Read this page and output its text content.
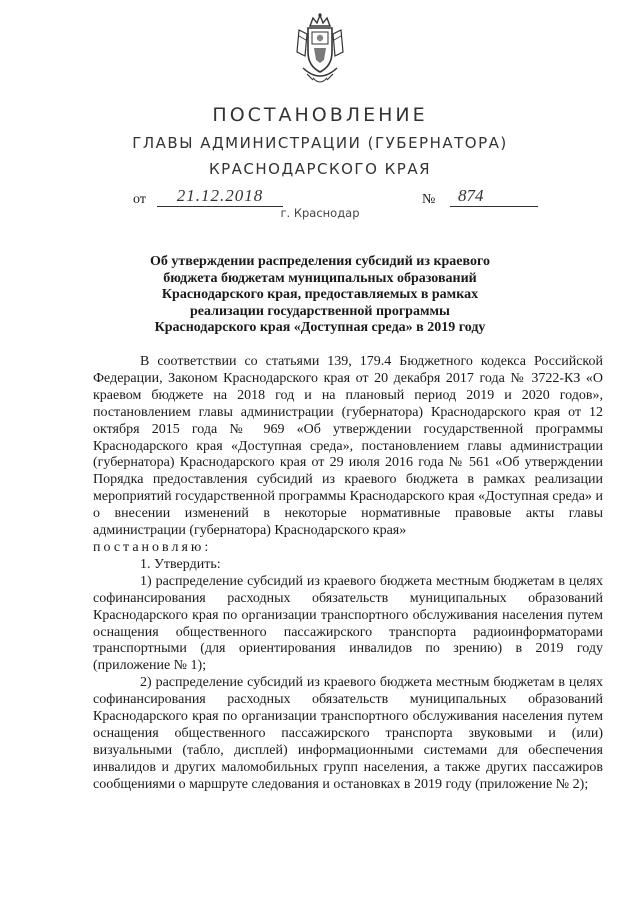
ПОСТАНОВЛЕНИЕ
ГЛАВЫ АДМИНИСТРАЦИИ (ГУБЕРНАТОРА)
КРАСНОДАРСКОГО КРАЯ
от	21.12.2018	№	874
г. Краснодар
Об утверждении распределения субсидий из краевого бюджета бюджетам муниципальных образований Краснодарского края, предоставляемых в рамках реализации государственной программы Краснодарского края «Доступная среда» в 2019 году

В соответствии со статьями 139, 179.4 Бюджетного кодекса Российской Федерации, Законом Краснодарского края от 20 декабря 2017 года № 3722-КЗ «О краевом бюджете на 2018 год и на плановый период 2019 и 2020 годов», постановлением главы администрации (губернатора) Краснодарского края от 12 октября 2015 года № 969 «Об утверждении государственной программы Краснодарского края «Доступная среда», постановлением главы администрации (губернатора) Краснодарского края от 29 июля 2016 года № 561 «Об утверждении Порядка предоставления субсидий из краевого бюджета в рамках реализации мероприятий государственной программы Краснодарского края «Доступная среда» и о внесении изменений в некоторые нормативные правовые акты главы администрации (губернатора) Краснодарского края»

постановляю:

1. Утвердить:

1) распределение субсидий из краевого бюджета местным бюджетам в целях софинансирования расходных обязательств муниципальных образований Краснодарского края по организации транспортного обслуживания населения путем оснащения общественного пассажирского транспорта радиоинформаторами транспортными (для ориентирования инвалидов по зрению) в 2019 году (приложение № 1);

2) распределение субсидий из краевого бюджета местным бюджетам в целях софинансирования расходных обязательств муниципальных образований Краснодарского края по организации транспортного обслуживания населения путем оснащения общественного пассажирского транспорта звуковыми и (или) визуальными (табло, дисплей) информационными системами для обеспечения инвалидов и других маломобильных групп населения, а также других пассажиров сообщениями о маршруте следования и остановках в 2019 году (приложение № 2);
